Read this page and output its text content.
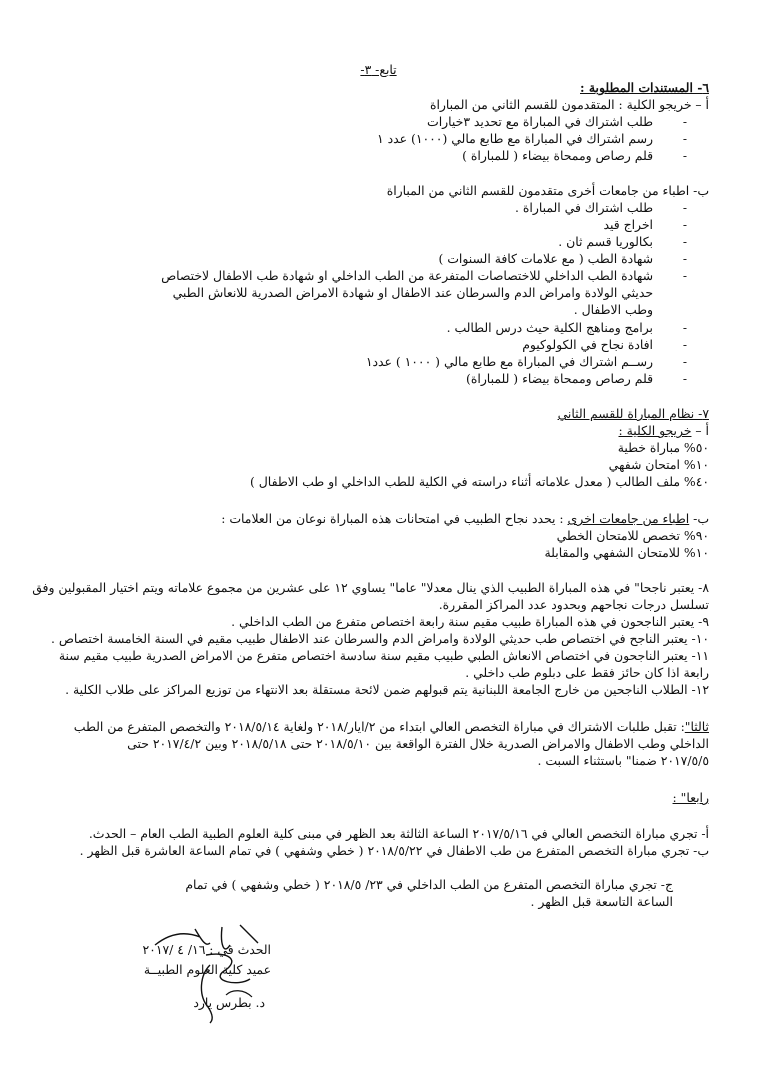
تابع- ٣-
٦- المستندات المطلوبة :
أ – خريجو الكلية : المتقدمون للقسم الثاني من المباراة
-
طلب اشتراك في المباراة مع تحديد ٣خيارات
-
رسم اشتراك في المباراة مع طابع مالي (١٠٠٠) عدد ١
-
قلم رصاص وممحاة بيضاء ( للمباراة )
ب- اطباء من جامعات أخرى متقدمون للقسم الثاني من المباراة
-
طلب اشتراك في المباراة .
-
اخراج قيد
-
بكالوريا قسم ثان .
-
شهادة الطب ( مع علامات كافة السنوات )
-
شهادة الطب الداخلي للاختصاصات المتفرعة من الطب الداخلي او شهادة طب الاطفال لاختصاص
حديثي الولادة وامراض الدم والسرطان عند الاطفال او شهادة الامراض الصدرية للانعاش الطبي
وطب الاطفال .
-
برامج ومناهج الكلية حيث درس الطالب .
-
افادة نجاح في الكولوكيوم
-
رســم اشتراك في المباراة مع طابع مالي ( ١٠٠٠ ) عدد١
-
قلم رصاص وممحاة بيضاء ( للمباراة)
٧- نظام المباراة للقسم الثاني
أ – خريجو الكلية :
٥٠% مباراة خطية
١٠% امتحان شفهي
٤٠% ملف الطالب ( معدل علاماته أثناء دراسته في الكلية للطب الداخلي او طب الاطفال )
ب- اطباء من جامعات اخرى : يحدد نجاح الطبيب في امتحانات هذه المباراة نوعان من العلامات :
٩٠% تخصص للامتحان الخطي
١٠% للامتحان الشفهي والمقابلة
٨- يعتبر ناجحا" في هذه المباراة الطبيب الذي ينال معدلا" عاما" يساوي ١٢ على عشرين من مجموع علاماته ويتم اختيار المقبولين وفق
تسلسل درجات نجاحهم وبحدود عدد المراكز المقررة.
٩- يعتبر الناجحون في هذه المباراة طبيب مقيم سنة رابعة اختصاص متفرع من الطب الداخلي .
١٠- يعتبر الناجح في اختصاص طب حديثي الولادة وامراض الدم والسرطان عند الاطفال طبيب مقيم في السنة الخامسة اختصاص .
١١- يعتبر الناجحون في اختصاص الانعاش الطبي طبيب مقيم سنة سادسة اختصاص متفرع من الامراض الصدرية طبيب مقيم سنة
رابعة اذا كان حائز فقط على دبلوم طب داخلي .
١٢- الطلاب الناجحين من خارج الجامعة اللبنانية يتم قبولهم ضمن لائحة مستقلة بعد الانتهاء من توزيع المراكز على طلاب الكلية .
ثالثا": تقبل طلبات الاشتراك في مباراة التخصص العالي ابتداء من ٢/ايار/٢٠١٨ ولغاية ٢٠١٨/٥/١٤ والتخصص المتفرع من الطب
الداخلي وطب الاطفال والامراض الصدرية خلال الفترة الواقعة بين ٢٠١٨/٥/١٠ حتى ٢٠١٨/٥/١٨ وبين ٢٠١٧/٤/٢ حتى
٢٠١٧/٥/٥ ضمنا" باستثناء السبت .
رابعا" :
أ- تجري مباراة التخصص العالي في ٢٠١٧/٥/١٦ الساعة الثالثة بعد الظهر في مبنى كلية العلوم الطبية الطب العام – الحدث.
ب- تجري مباراة التخصص المتفرع من طب الاطفال في ٢٠١٨/٥/٢٢ ( خطي وشفهي ) في تمام الساعة العاشرة قبل الظهر .
ج- تجري مباراة التخصص المتفرع من الطب الداخلي في ٢٣/ ٢٠١٨/٥ ( خطي وشفهي ) في تمام
الساعة التاسعة قبل الظهر .
الحدث في : ١٦/ ٤ /٢٠١٧
عميد كلية العلوم الطبيــة
د. بطرس يارد
